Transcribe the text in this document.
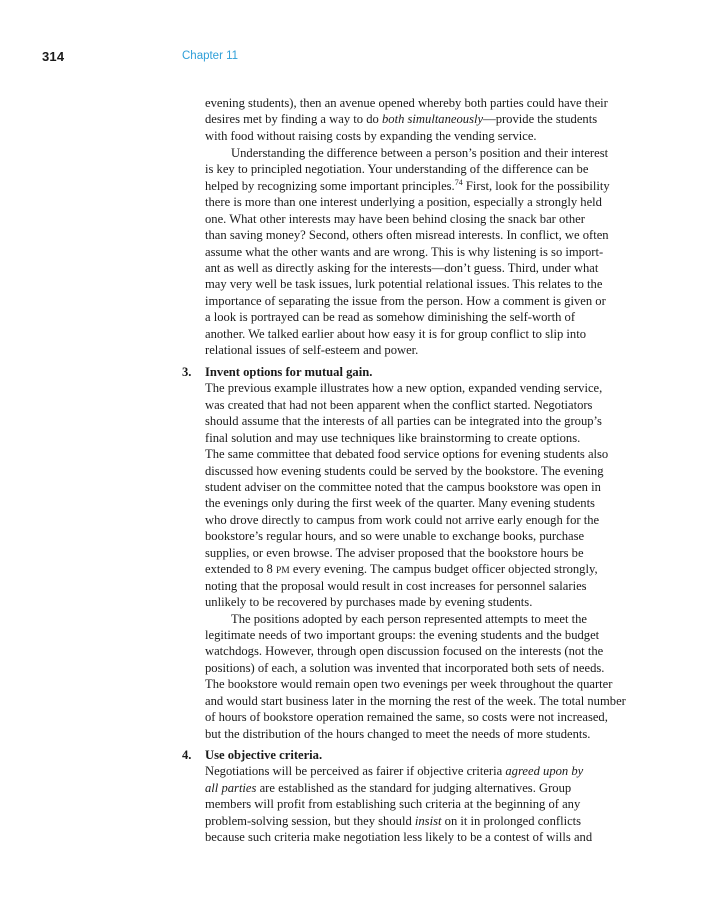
314	Chapter 11
evening students), then an avenue opened whereby both parties could have their
desires met by finding a way to do both simultaneously—provide the students
with food without raising costs by expanding the vending service.
Understanding the difference between a person’s position and their interest
is key to principled negotiation. Your understanding of the difference can be
helped by recognizing some important principles.$^{74}$ First, look for the possibility
there is more than one interest underlying a position, especially a strongly held
one. What other interests may have been behind closing the snack bar other
than saving money? Second, others often misread interests. In conflict, we often
assume what the other wants and are wrong. This is why listening is so import-
ant as well as directly asking for the interests—don’t guess. Third, under what
may very well be task issues, lurk potential relational issues. This relates to the
importance of separating the issue from the person. How a comment is given or
a look is portrayed can be read as somehow diminishing the self-worth of
another. We talked earlier about how easy it is for group conflict to slip into
relational issues of self-esteem and power.
3. Invent options for mutual gain.
The previous example illustrates how a new option, expanded vending service,
was created that had not been apparent when the conflict started. Negotiators
should assume that the interests of all parties can be integrated into the group’s
final solution and may use techniques like brainstorming to create options.
The same committee that debated food service options for evening students also
discussed how evening students could be served by the bookstore. The evening
student adviser on the committee noted that the campus bookstore was open in
the evenings only during the first week of the quarter. Many evening students
who drove directly to campus from work could not arrive early enough for the
bookstore’s regular hours, and so were unable to exchange books, purchase
supplies, or even browse. The adviser proposed that the bookstore hours be
extended to 8 PM every evening. The campus budget officer objected strongly,
noting that the proposal would result in cost increases for personnel salaries
unlikely to be recovered by purchases made by evening students.
The positions adopted by each person represented attempts to meet the
legitimate needs of two important groups: the evening students and the budget
watchdogs. However, through open discussion focused on the interests (not the
positions) of each, a solution was invented that incorporated both sets of needs.
The bookstore would remain open two evenings per week throughout the quarter
and would start business later in the morning the rest of the week. The total number
of hours of bookstore operation remained the same, so costs were not increased,
but the distribution of the hours changed to meet the needs of more students.
4. Use objective criteria.
Negotiations will be perceived as fairer if objective criteria agreed upon by
all parties are established as the standard for judging alternatives. Group
members will profit from establishing such criteria at the beginning of any
problem-solving session, but they should insist on it in prolonged conflicts
because such criteria make negotiation less likely to be a contest of wills and
